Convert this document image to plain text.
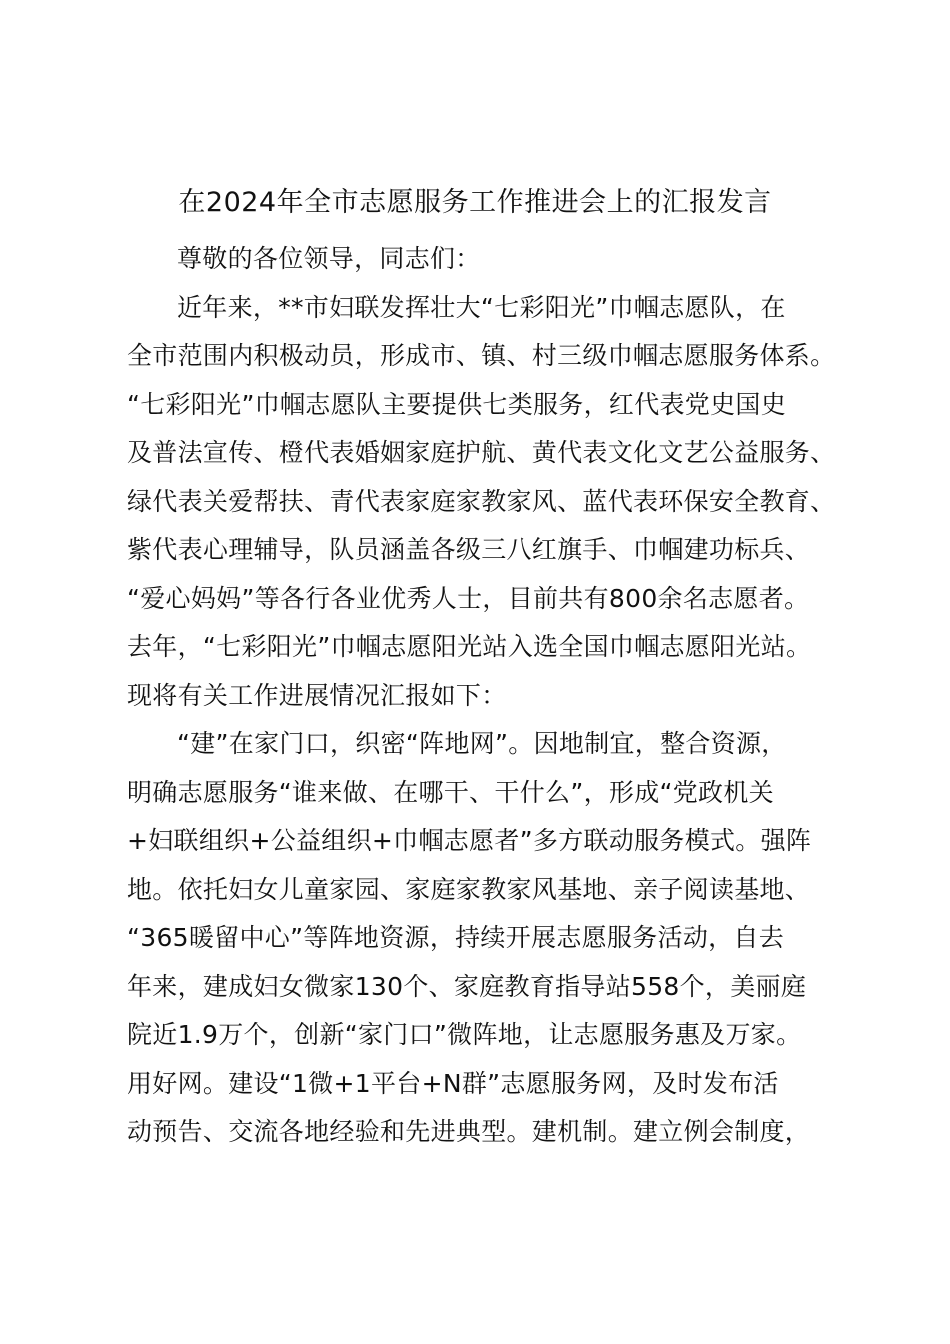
在2024年全市志愿服务工作推进会上的汇报发言
尊敬的各位领导，同志们：
近年来，**市妇联发挥壮大“七彩阳光”巾帼志愿队，在
全市范围内积极动员，形成市、镇、村三级巾帼志愿服务体系。
“七彩阳光”巾帼志愿队主要提供七类服务，红代表党史国史
及普法宣传、橙代表婚姻家庭护航、黄代表文化文艺公益服务、
绿代表关爱帮扶、青代表家庭家教家风、蓝代表环保安全教育、
紫代表心理辅导，队员涵盖各级三八红旗手、巾帼建功标兵、
“爱心妈妈”等各行各业优秀人士，目前共有800余名志愿者。
去年，“七彩阳光”巾帼志愿阳光站入选全国巾帼志愿阳光站。
现将有关工作进展情况汇报如下：
“建”在家门口，织密“阵地网”。因地制宜，整合资源，
明确志愿服务“谁来做、在哪干、干什么”，形成“党政机关
+妇联组织+公益组织+巾帼志愿者”多方联动服务模式。强阵
地。依托妇女儿童家园、家庭家教家风基地、亲子阅读基地、
“365暖留中心”等阵地资源，持续开展志愿服务活动，自去
年来，建成妇女微家130个、家庭教育指导站558个，美丽庭
院近1.9万个，创新“家门口”微阵地，让志愿服务惠及万家。
用好网。建设“1微+1平台+N群”志愿服务网，及时发布活
动预告、交流各地经验和先进典型。建机制。建立例会制度，
